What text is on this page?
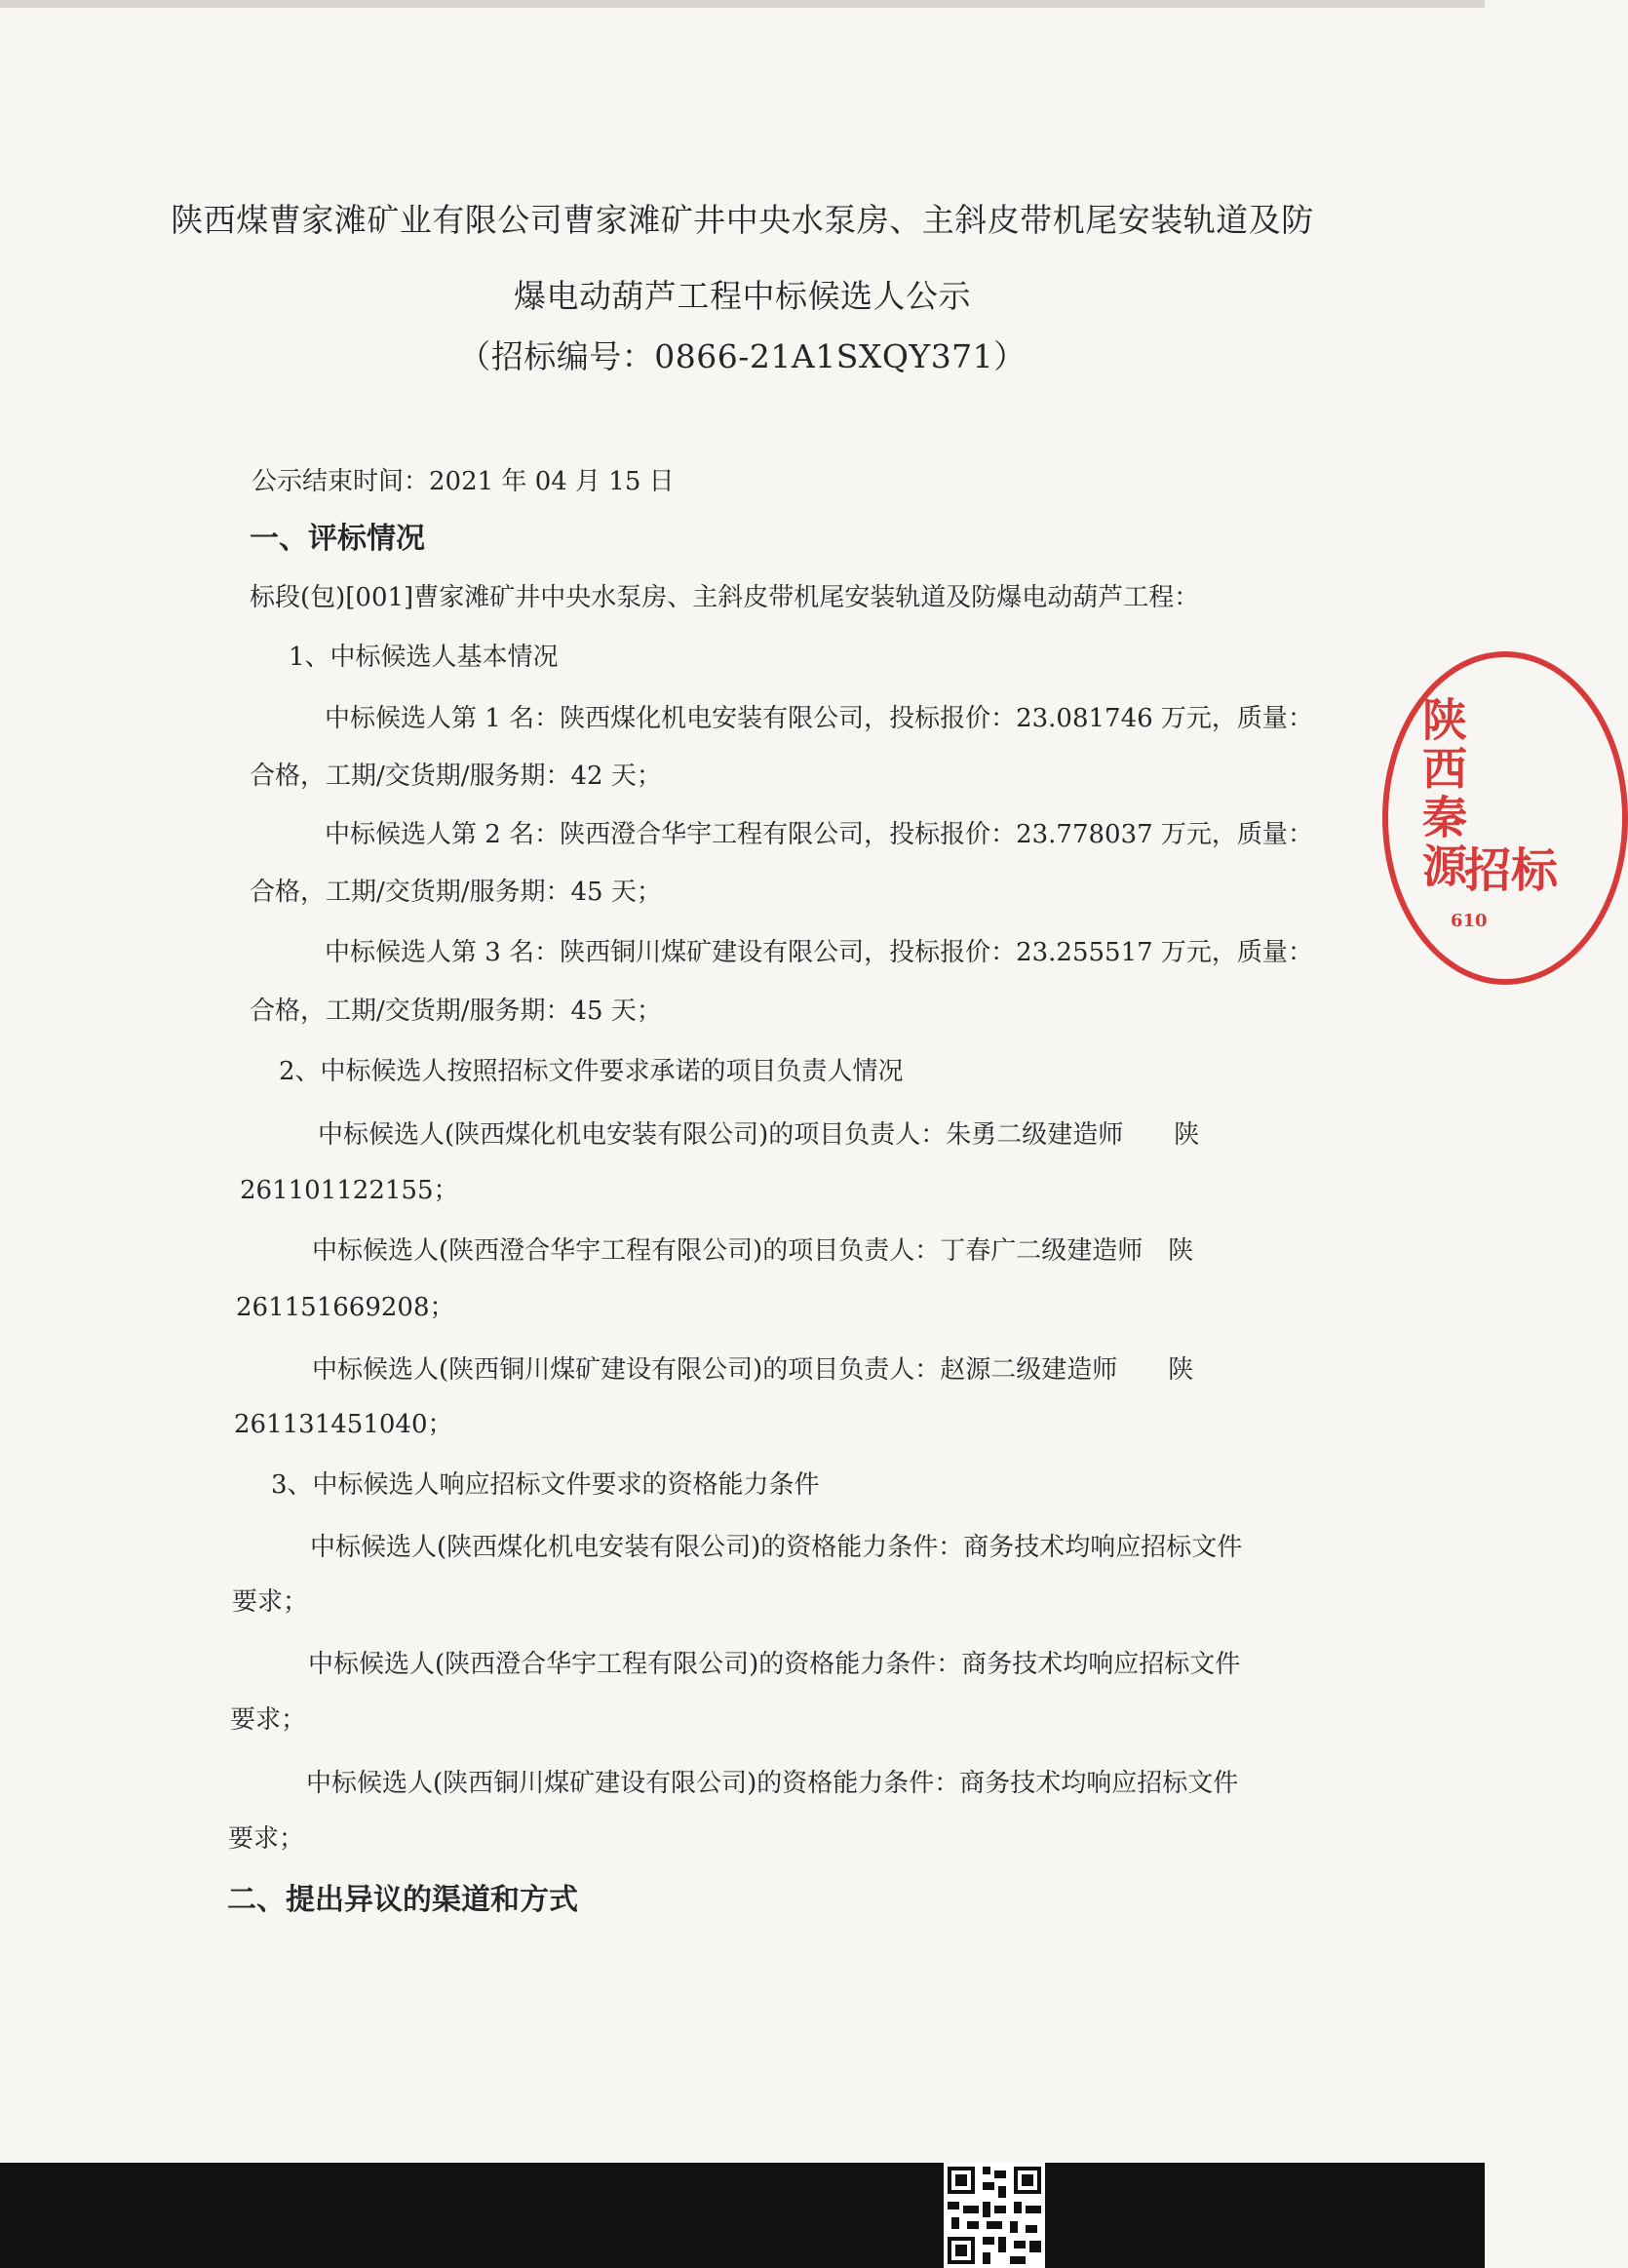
陕西煤曹家滩矿业有限公司曹家滩矿井中央水泵房、主斜皮带机尾安装轨道及防
爆电动葫芦工程中标候选人公示
（招标编号：0866-21A1SXQY371）
公示结束时间：2021 年 04 月 15 日
一、评标情况
标段(包)[001]曹家滩矿井中央水泵房、主斜皮带机尾安装轨道及防爆电动葫芦工程：
1、中标候选人基本情况
中标候选人第 1 名：陕西煤化机电安装有限公司，投标报价：23.081746 万元，质量：
合格，工期/交货期/服务期：42 天；
中标候选人第 2 名：陕西澄合华宇工程有限公司，投标报价：23.778037 万元，质量：
合格，工期/交货期/服务期：45 天；
中标候选人第 3 名：陕西铜川煤矿建设有限公司，投标报价：23.255517 万元，质量：
合格，工期/交货期/服务期：45 天；
2、中标候选人按照招标文件要求承诺的项目负责人情况
中标候选人(陕西煤化机电安装有限公司)的项目负责人：朱勇二级建造师　　陕
261101122155；
中标候选人(陕西澄合华宇工程有限公司)的项目负责人：丁春广二级建造师　陕
261151669208；
中标候选人(陕西铜川煤矿建设有限公司)的项目负责人：赵源二级建造师　　陕
261131451040；
3、中标候选人响应招标文件要求的资格能力条件
中标候选人(陕西煤化机电安装有限公司)的资格能力条件：商务技术均响应招标文件
要求；
中标候选人(陕西澄合华宇工程有限公司)的资格能力条件：商务技术均响应招标文件
要求；
中标候选人(陕西铜川煤矿建设有限公司)的资格能力条件：商务技术均响应招标文件
要求；
二、提出异议的渠道和方式
陕西秦源
招标
610
